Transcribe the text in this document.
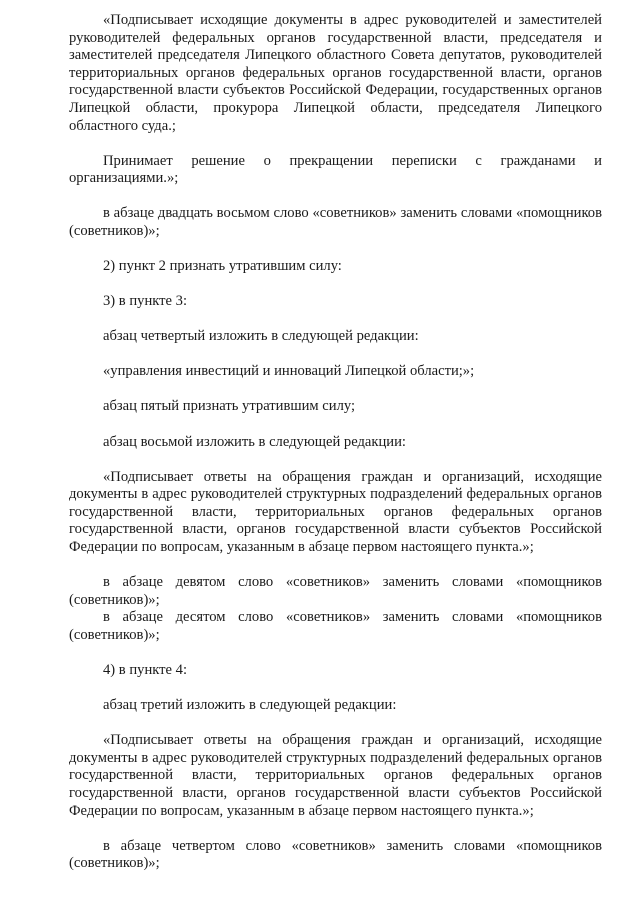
«Подписывает исходящие документы в адрес руководителей и заместителей руководителей федеральных органов государственной власти, председателя и заместителей председателя Липецкого областного Совета депутатов, руководителей территориальных органов федеральных органов государственной власти, органов государственной власти субъектов Российской Федерации, государственных органов Липецкой области, прокурора Липецкой области, председателя Липецкого областного суда.;

Принимает решение о прекращении переписки с гражданами и организациями.»;

в абзаце двадцать восьмом слово «советников» заменить словами «помощников (советников)»;

2) пункт 2 признать утратившим силу:

3) в пункте 3:

абзац четвертый изложить в следующей редакции:

«управления инвестиций и инноваций Липецкой области;»;

абзац пятый признать утратившим силу;

абзац восьмой изложить в следующей редакции:

«Подписывает ответы на обращения граждан и организаций, исходящие документы в адрес руководителей структурных подразделений федеральных органов государственной власти, территориальных органов федеральных органов государственной власти, органов государственной власти субъектов Российской Федерации по вопросам, указанным в абзаце первом настоящего пункта.»;

в абзаце девятом слово «советников» заменить словами «помощников (советников)»;

в абзаце десятом слово «советников» заменить словами «помощников (советников)»;

4) в пункте 4:

абзац третий изложить в следующей редакции:

«Подписывает ответы на обращения граждан и организаций, исходящие документы в адрес руководителей структурных подразделений федеральных органов государственной власти, территориальных органов федеральных органов государственной власти, органов государственной власти субъектов Российской Федерации по вопросам, указанным в абзаце первом настоящего пункта.»;

в абзаце четвертом слово «советников» заменить словами «помощников (советников)»;
